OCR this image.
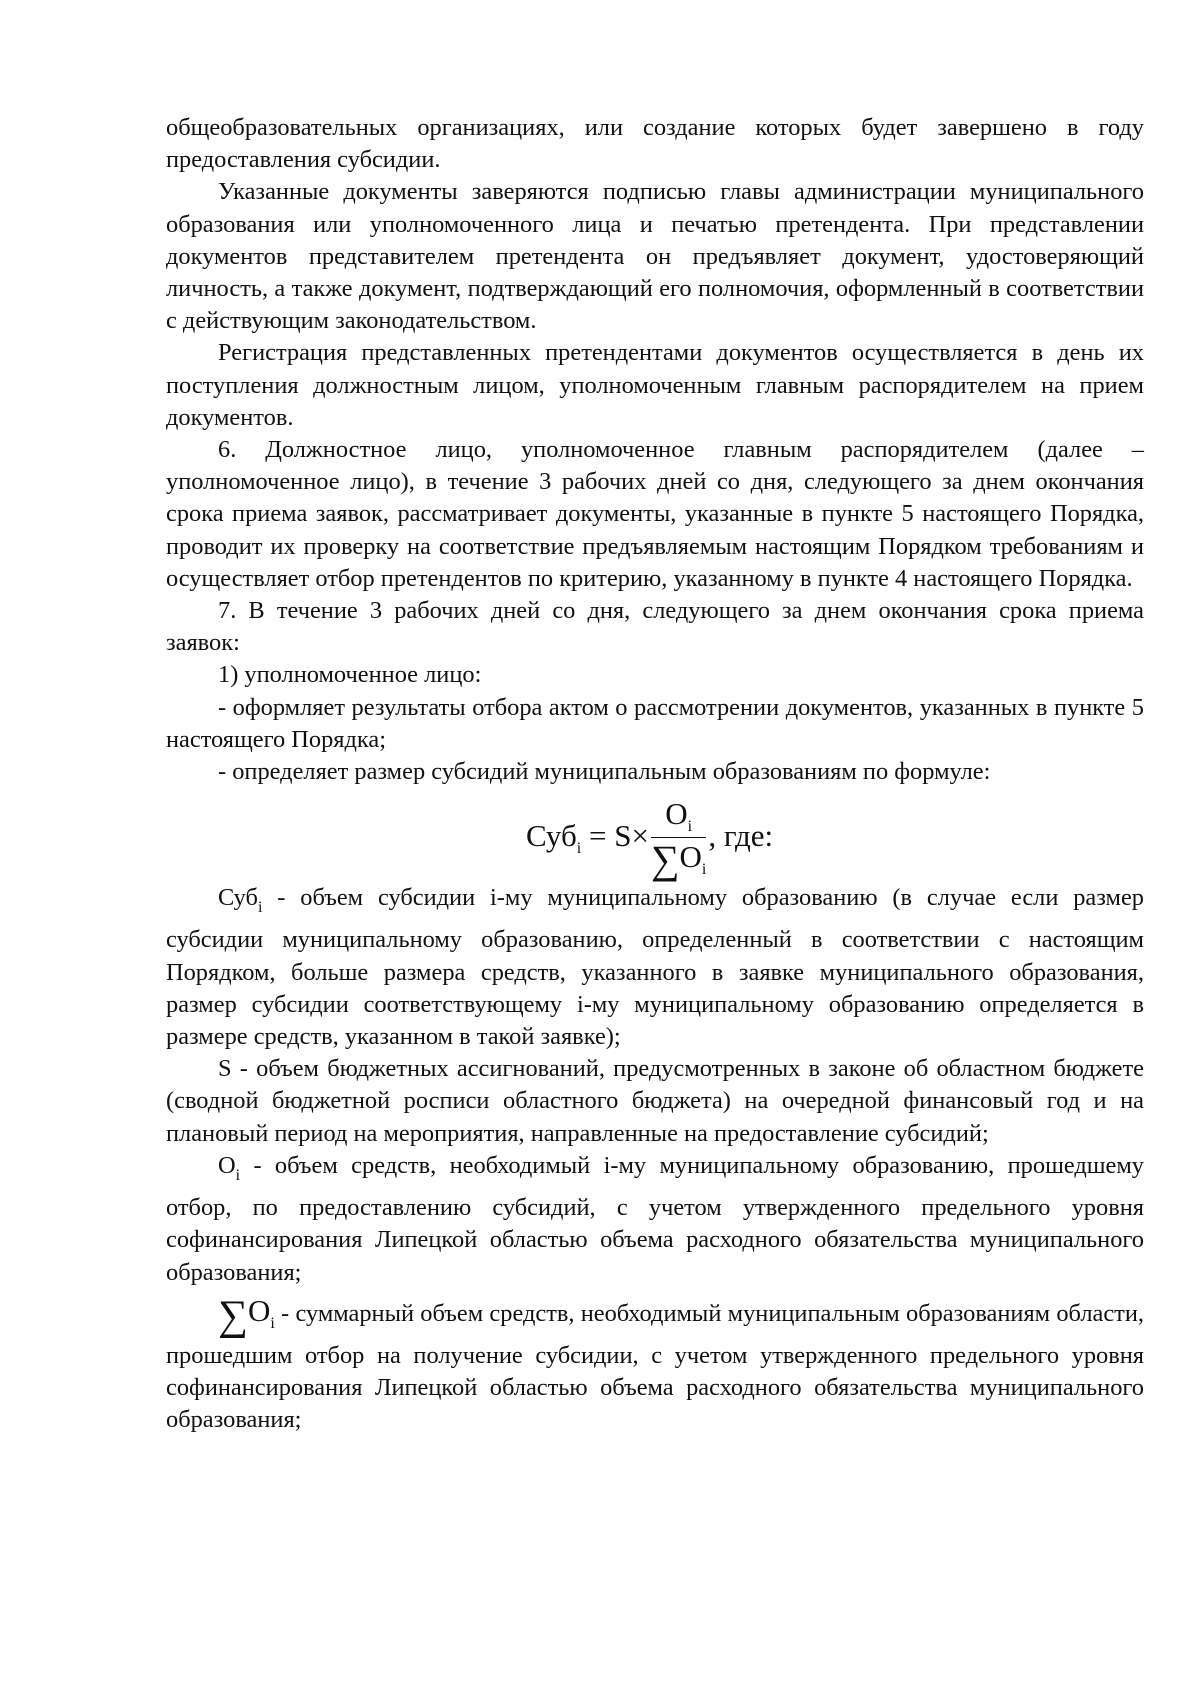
общеобразовательных организациях, или создание которых будет завершено в году предоставления субсидии.

Указанные документы заверяются подписью главы администрации муниципального образования или уполномоченного лица и печатью претендента. При представлении документов представителем претендента он предъявляет документ, удостоверяющий личность, а также документ, подтверждающий его полномочия, оформленный в соответствии с действующим законодательством.

Регистрация представленных претендентами документов осуществляется в день их поступления должностным лицом, уполномоченным главным распорядителем на прием документов.

6. Должностное лицо, уполномоченное главным распорядителем (далее – уполномоченное лицо), в течение 3 рабочих дней со дня, следующего за днем окончания срока приема заявок, рассматривает документы, указанные в пункте 5 настоящего Порядка, проводит их проверку на соответствие предъявляемым настоящим Порядком требованиям и осуществляет отбор претендентов по критерию, указанному в пункте 4 настоящего Порядка.

7. В течение 3 рабочих дней со дня, следующего за днем окончания срока приема заявок:

1) уполномоченное лицо:

- оформляет результаты отбора актом о рассмотрении документов, указанных в пункте 5 настоящего Порядка;

- определяет размер субсидий муниципальным образованиям по формуле:

$Суб_i = S\times \frac{O_i}{\sum O_i}$ , где:

Суб$_i$ - объем субсидии i-му муниципальному образованию (в случае если размер субсидии муниципальному образованию, определенный в соответствии с настоящим Порядком, больше размера средств, указанного в заявке муниципального образования, размер субсидии соответствующему i-му муниципальному образованию определяется в размере средств, указанном в такой заявке);

S - объем бюджетных ассигнований, предусмотренных в законе об областном бюджете (сводной бюджетной росписи областного бюджета) на очередной финансовый год и на плановый период на мероприятия, направленные на предоставление субсидий;

$O_i$ - объем средств, необходимый i-му муниципальному образованию, прошедшему отбор, по предоставлению субсидий, с учетом утвержденного предельного уровня софинансирования Липецкой областью объема расходного обязательства муниципального образования;

$\sum O_i$ - суммарный объем средств, необходимый муниципальным образованиям области, прошедшим отбор на получение субсидии, с учетом утвержденного предельного уровня софинансирования Липецкой областью объема расходного обязательства муниципального образования;
